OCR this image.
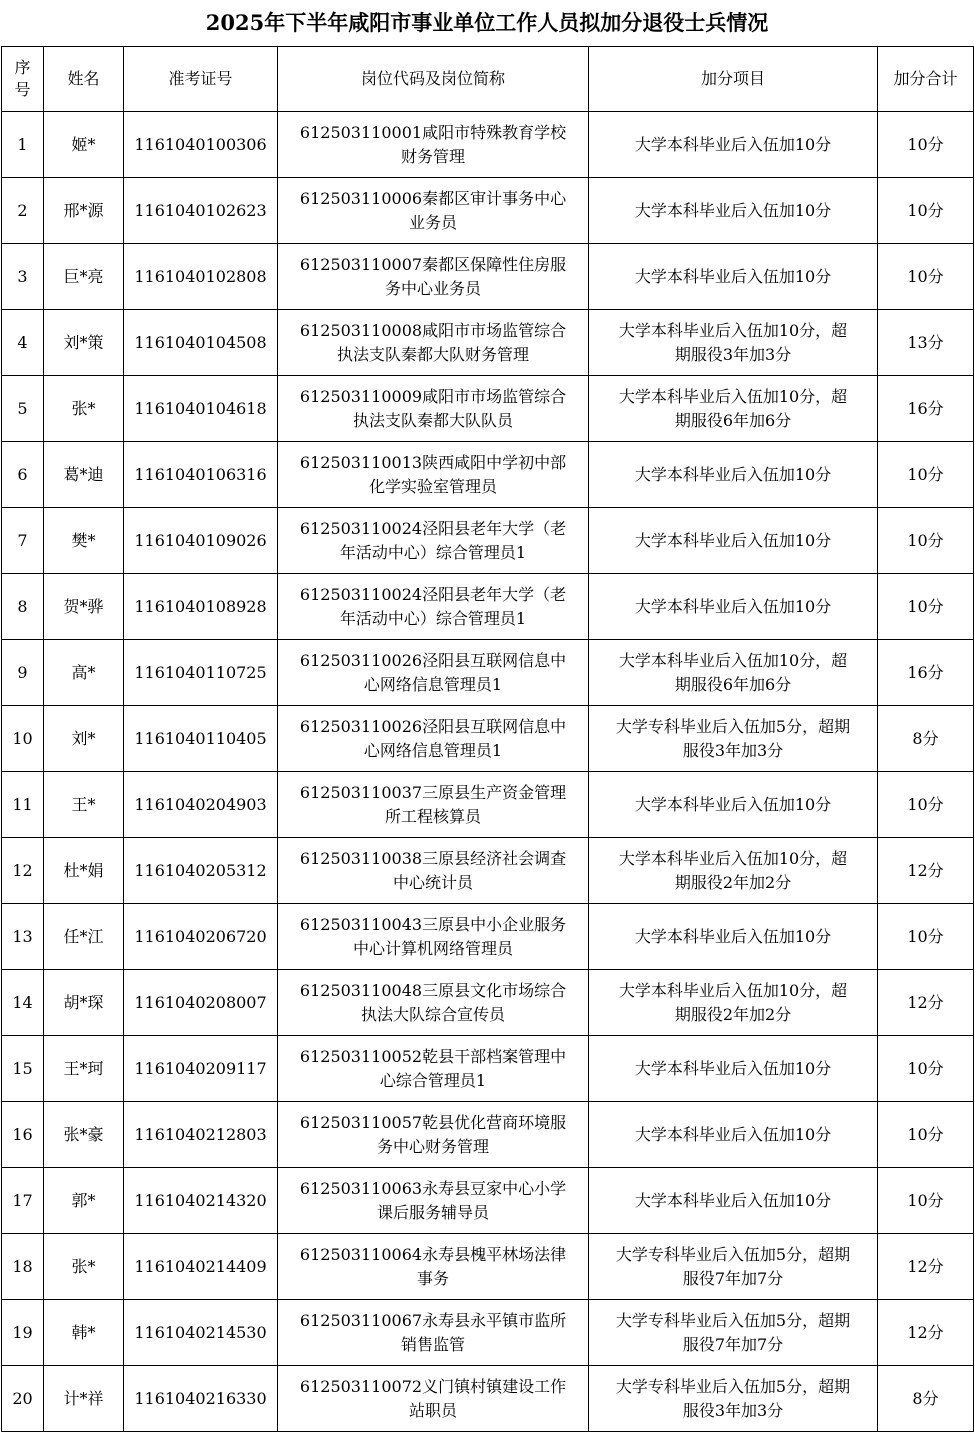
2025年下半年咸阳市事业单位工作人员拟加分退役士兵情况
序
号	姓名	准考证号	岗位代码及岗位简称	加分项目	加分合计
1	姬*	1161040100306	612503110001咸阳市特殊教育学校
财务管理	大学本科毕业后入伍加10分	10分
2	邢*源	1161040102623	612503110006秦都区审计事务中心
业务员	大学本科毕业后入伍加10分	10分
3	巨*亮	1161040102808	612503110007秦都区保障性住房服
务中心业务员	大学本科毕业后入伍加10分	10分
4	刘*策	1161040104508	612503110008咸阳市市场监管综合
执法支队秦都大队财务管理	大学本科毕业后入伍加10分，超
期服役3年加3分	13分
5	张*	1161040104618	612503110009咸阳市市场监管综合
执法支队秦都大队队员	大学本科毕业后入伍加10分，超
期服役6年加6分	16分
6	葛*迪	1161040106316	612503110013陕西咸阳中学初中部
化学实验室管理员	大学本科毕业后入伍加10分	10分
7	樊*	1161040109026	612503110024泾阳县老年大学（老
年活动中心）综合管理员1	大学本科毕业后入伍加10分	10分
8	贺*骅	1161040108928	612503110024泾阳县老年大学（老
年活动中心）综合管理员1	大学本科毕业后入伍加10分	10分
9	高*	1161040110725	612503110026泾阳县互联网信息中
心网络信息管理员1	大学本科毕业后入伍加10分，超
期服役6年加6分	16分
10	刘*	1161040110405	612503110026泾阳县互联网信息中
心网络信息管理员1	大学专科毕业后入伍加5分，超期
服役3年加3分	8分
11	王*	1161040204903	612503110037三原县生产资金管理
所工程核算员	大学本科毕业后入伍加10分	10分
12	杜*娟	1161040205312	612503110038三原县经济社会调查
中心统计员	大学本科毕业后入伍加10分，超
期服役2年加2分	12分
13	任*江	1161040206720	612503110043三原县中小企业服务
中心计算机网络管理员	大学本科毕业后入伍加10分	10分
14	胡*琛	1161040208007	612503110048三原县文化市场综合
执法大队综合宣传员	大学本科毕业后入伍加10分，超
期服役2年加2分	12分
15	王*珂	1161040209117	612503110052乾县干部档案管理中
心综合管理员1	大学本科毕业后入伍加10分	10分
16	张*豪	1161040212803	612503110057乾县优化营商环境服
务中心财务管理	大学本科毕业后入伍加10分	10分
17	郭*	1161040214320	612503110063永寿县豆家中心小学
课后服务辅导员	大学本科毕业后入伍加10分	10分
18	张*	1161040214409	612503110064永寿县槐平林场法律
事务	大学专科毕业后入伍加5分，超期
服役7年加7分	12分
19	韩*	1161040214530	612503110067永寿县永平镇市监所
销售监管	大学专科毕业后入伍加5分，超期
服役7年加7分	12分
20	计*祥	1161040216330	612503110072义门镇村镇建设工作
站职员	大学专科毕业后入伍加5分，超期
服役3年加3分	8分
